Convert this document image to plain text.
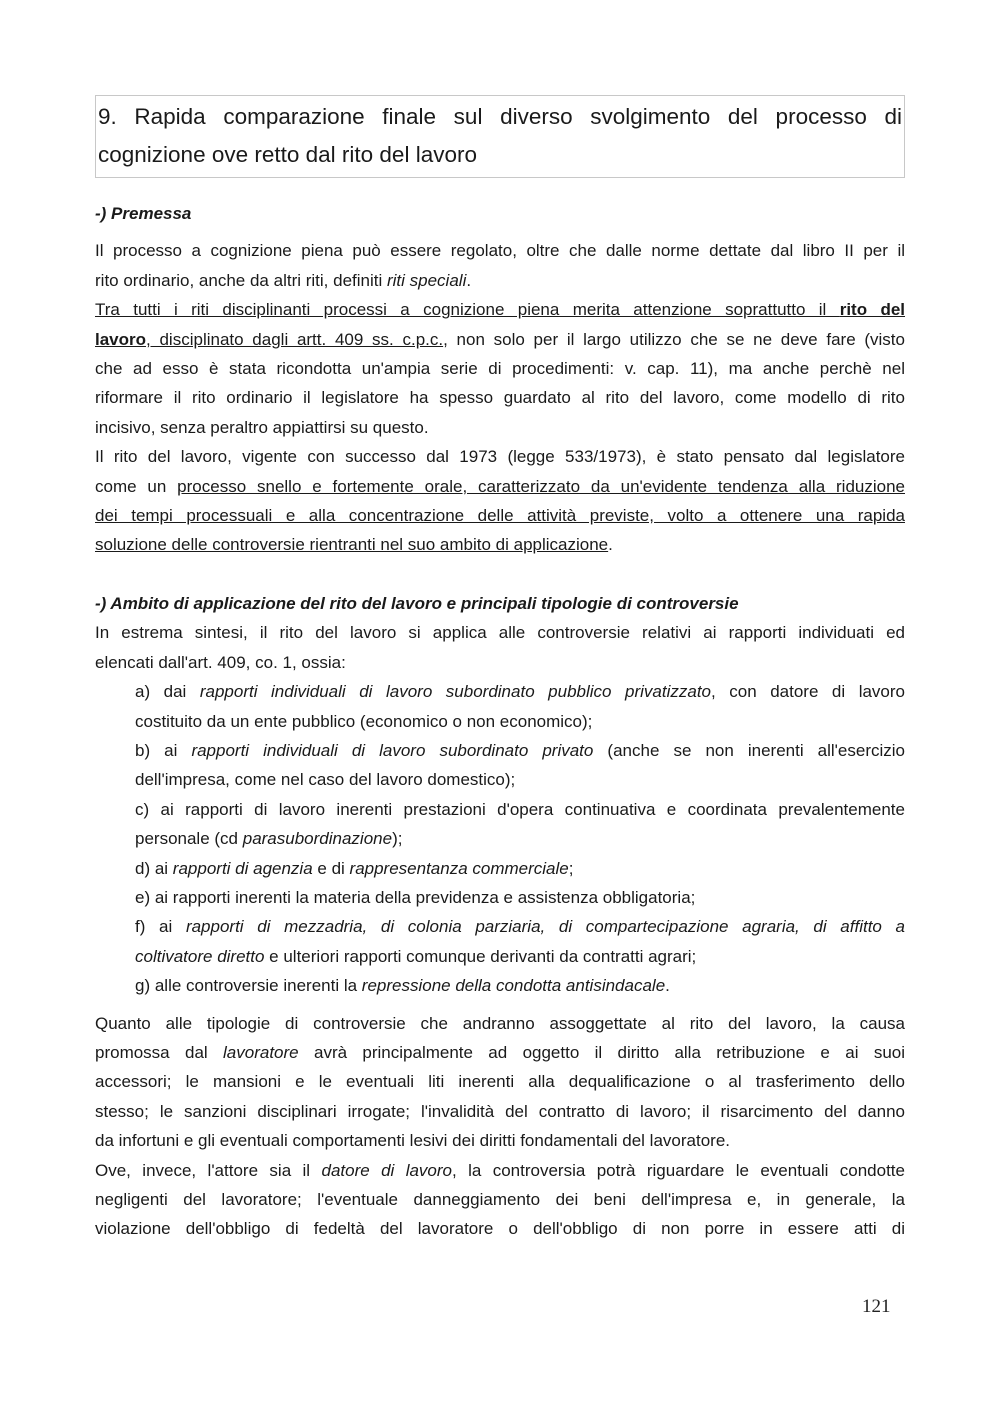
9. Rapida comparazione finale sul diverso svolgimento del processo di
cognizione ove retto dal rito del lavoro
-) Premessa

Il processo a cognizione piena può essere regolato, oltre che dalle norme dettate dal libro II per il
rito ordinario, anche da altri riti, definiti riti speciali.

Tra tutti i riti disciplinanti processi a cognizione piena merita attenzione soprattutto il rito del
lavoro, disciplinato dagli artt. 409 ss. c.p.c., non solo per il largo utilizzo che se ne deve fare (visto
che ad esso è stata ricondotta un'ampia serie di procedimenti: v. cap. 11), ma anche perchè nel
riformare il rito ordinario il legislatore ha spesso guardato al rito del lavoro, come modello di rito
incisivo, senza peraltro appiattirsi su questo.

Il rito del lavoro, vigente con successo dal 1973 (legge 533/1973), è stato pensato dal legislatore
come un processo snello e fortemente orale, caratterizzato da un'evidente tendenza alla riduzione
dei tempi processuali e alla concentrazione delle attività previste, volto a ottenere una rapida
soluzione delle controversie rientranti nel suo ambito di applicazione.

-) Ambito di applicazione del rito del lavoro e principali tipologie di controversie

In estrema sintesi, il rito del lavoro si applica alle controversie relativi ai rapporti individuati ed
elencati dall'art. 409, co. 1, ossia:

a) dai rapporti individuali di lavoro subordinato pubblico privatizzato, con datore di lavoro
costituito da un ente pubblico (economico o non economico);

b) ai rapporti individuali di lavoro subordinato privato (anche se non inerenti all'esercizio
dell'impresa, come nel caso del lavoro domestico);

c) ai rapporti di lavoro inerenti prestazioni d'opera continuativa e coordinata prevalentemente
personale (cd parasubordinazione);

d) ai rapporti di agenzia e di rappresentanza commerciale;

e) ai rapporti inerenti la materia della previdenza e assistenza obbligatoria;

f) ai rapporti di mezzadria, di colonia parziaria, di compartecipazione agraria, di affitto a
coltivatore diretto e ulteriori rapporti comunque derivanti da contratti agrari;

g) alle controversie inerenti la repressione della condotta antisindacale.

Quanto alle tipologie di controversie che andranno assoggettate al rito del lavoro, la causa
promossa dal lavoratore avrà principalmente ad oggetto il diritto alla retribuzione e ai suoi
accessori; le mansioni e le eventuali liti inerenti alla dequalificazione o al trasferimento dello
stesso; le sanzioni disciplinari irrogate; l'invalidità del contratto di lavoro; il risarcimento del danno
da infortuni e gli eventuali comportamenti lesivi dei diritti fondamentali del lavoratore.

Ove, invece, l'attore sia il datore di lavoro, la controversia potrà riguardare le eventuali condotte
negligenti del lavoratore; l'eventuale danneggiamento dei beni dell'impresa e, in generale, la
violazione dell'obbligo di fedeltà del lavoratore o dell'obbligo di non porre in essere atti di

121
